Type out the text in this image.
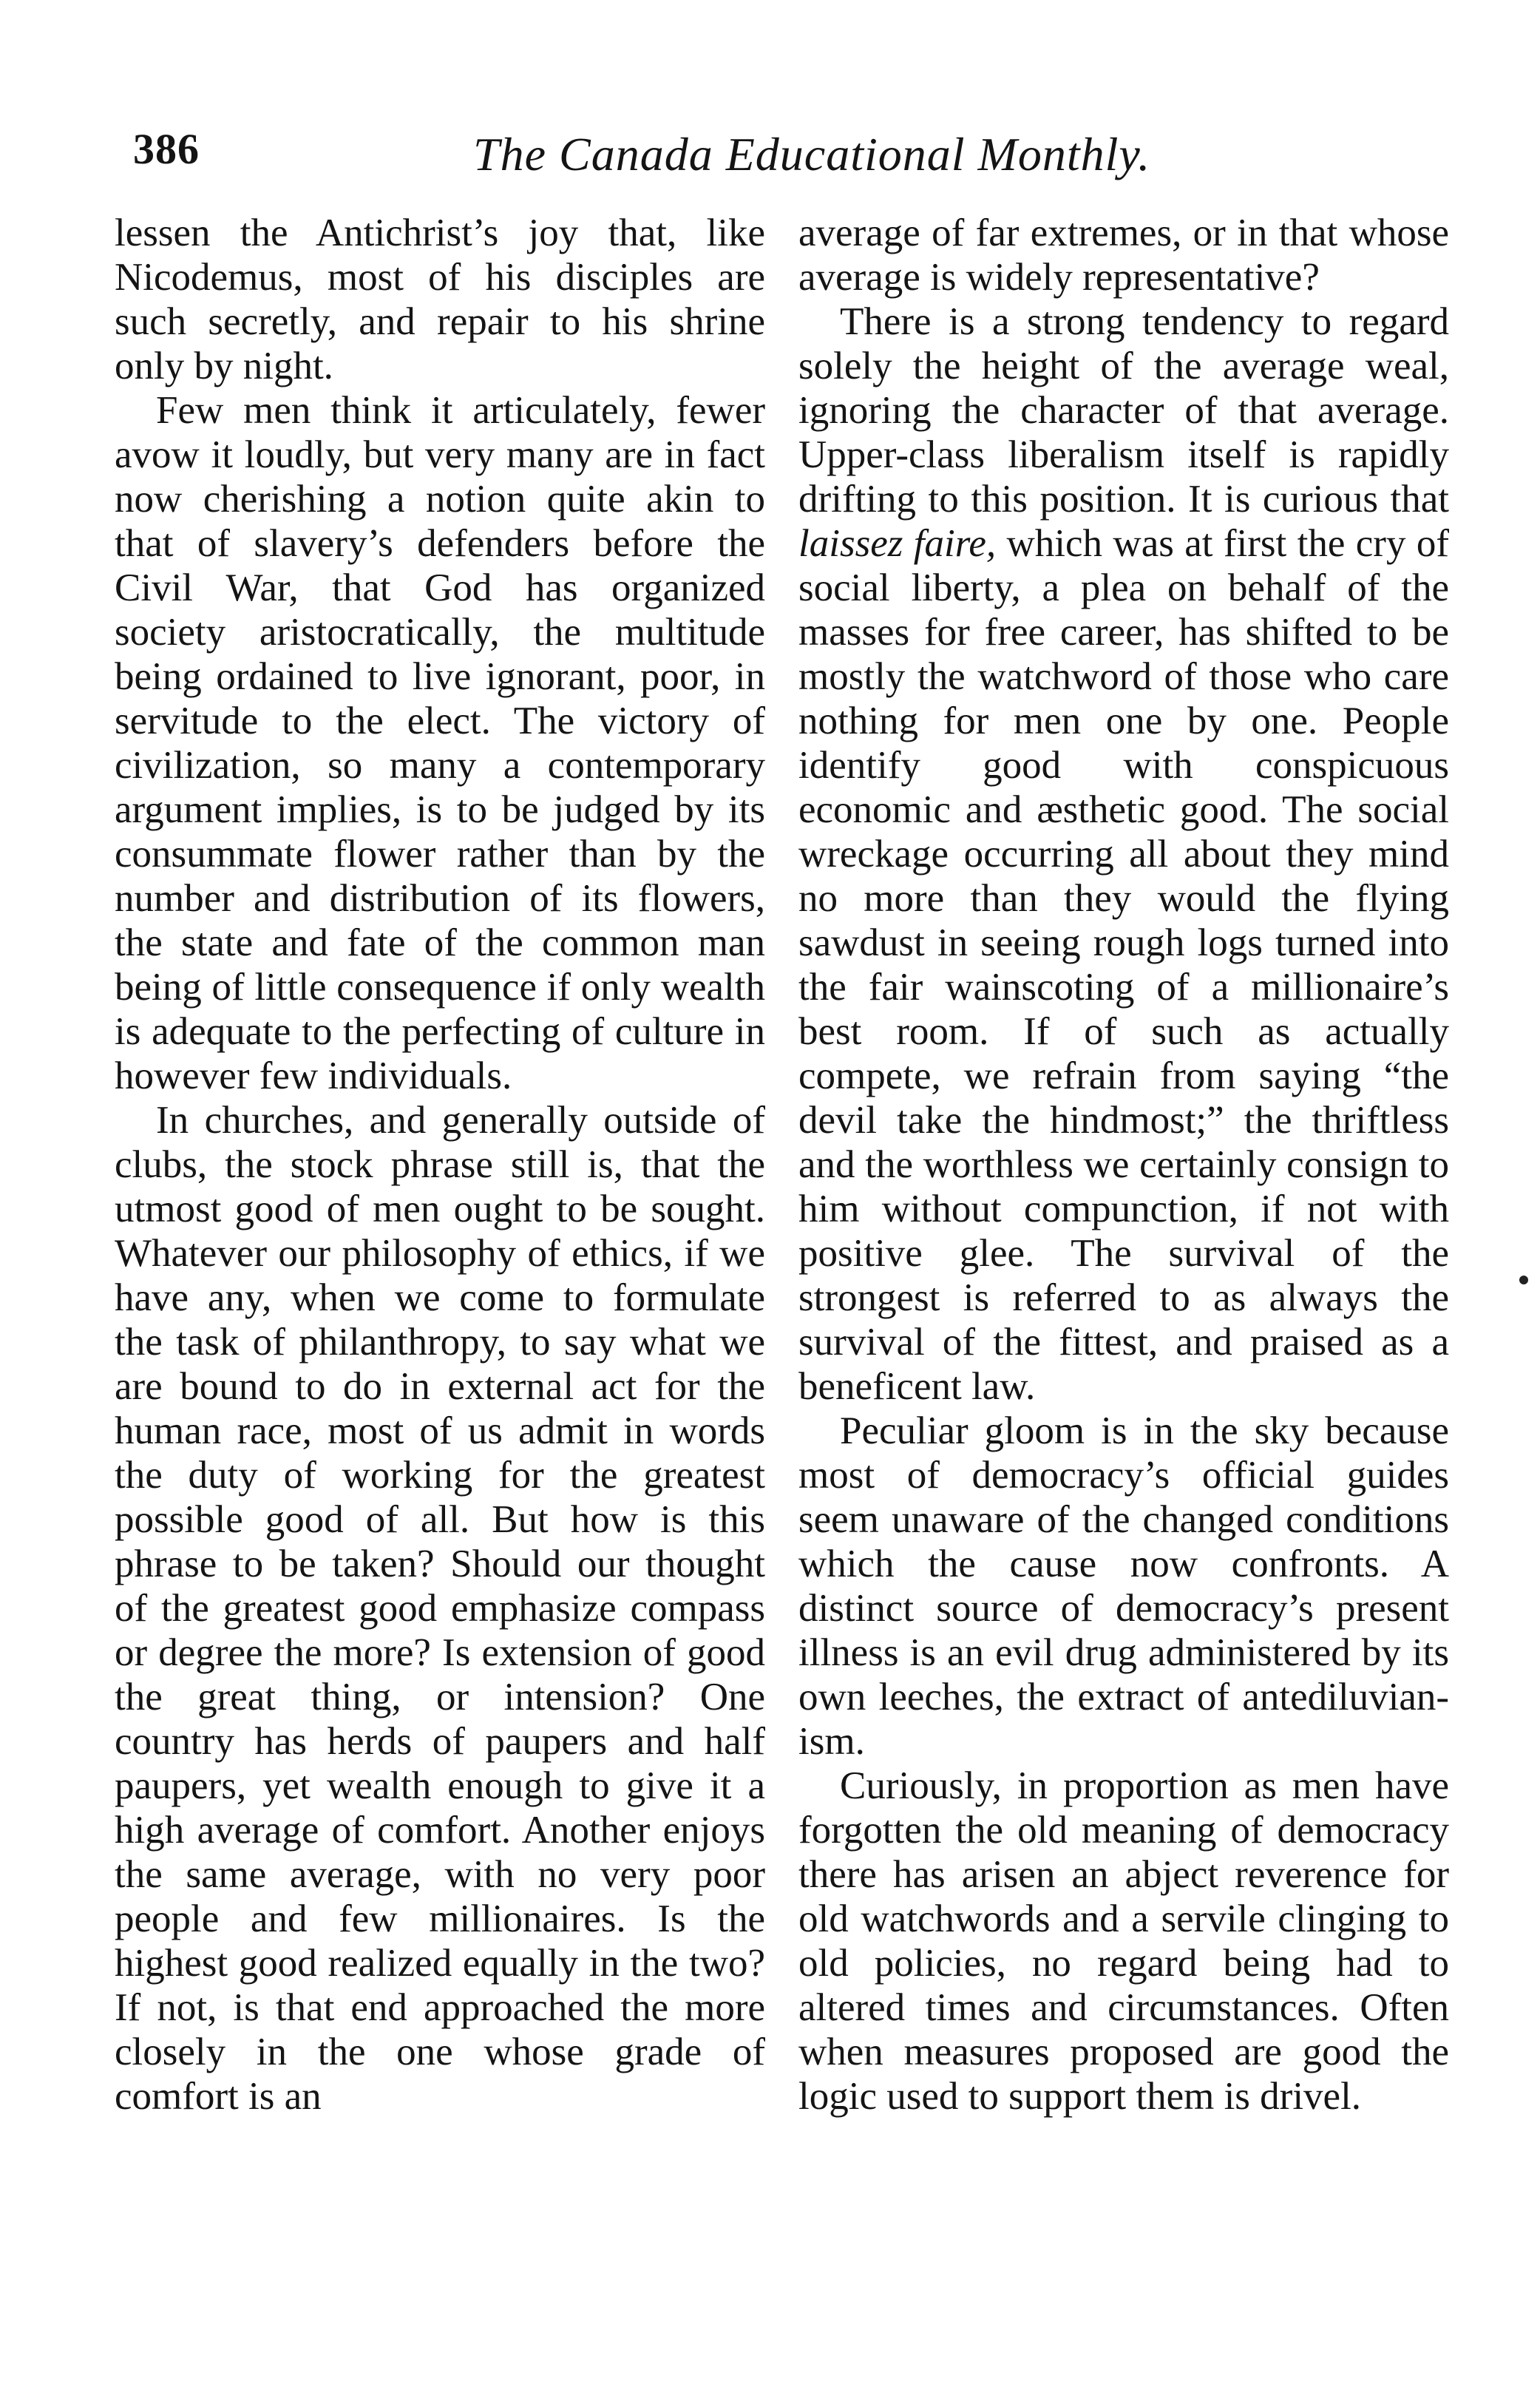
386	The Canada Educational Monthly.

lessen the Antichrist’s joy that, like Nicodemus, most of his disciples are such secretly, and repair to his shrine only by night.

Few men think it articulately, fewer avow it loudly, but very many are in fact now cherishing a notion quite akin to that of slavery’s defenders before the Civil War, that God has organized society aristocratically, the multitude being ordained to live ignorant, poor, in servitude to the elect. The victory of civilization, so many a contemporary argument implies, is to be judged by its consummate flower rather than by the number and distribution of its flowers, the state and fate of the common man being of little consequence if only wealth is adequate to the perfecting of culture in however few individuals.

In churches, and generally outside of clubs, the stock phrase still is, that the utmost good of men ought to be sought. Whatever our philosophy of ethics, if we have any, when we come to formulate the task of philanthropy, to say what we are bound to do in external act for the human race, most of us admit in words the duty of working for the greatest possible good of all. But how is this phrase to be taken? Should our thought of the greatest good emphasize compass or degree the more? Is extension of good the great thing, or intension? One country has herds of paupers and half paupers, yet wealth enough to give it a high average of comfort. Another enjoys the same average, with no very poor people and few millionaires. Is the highest good realized equally in the two? If not, is that end approached the more closely in the one whose grade of comfort is an

average of far extremes, or in that whose average is widely representative?

There is a strong tendency to regard solely the height of the average weal, ignoring the character of that average. Upper-class liberalism itself is rapidly drifting to this position. It is curious that laissez faire, which was at first the cry of social liberty, a plea on behalf of the masses for free career, has shifted to be mostly the watchword of those who care nothing for men one by one. People identify good with conspicuous economic and æsthetic good. The social wreckage occurring all about they mind no more than they would the flying sawdust in seeing rough logs turned into the fair wainscoting of a millionaire’s best room. If of such as actually compete, we refrain from saying “the devil take the hindmost;” the thriftless and the worthless we certainly consign to him without compunction, if not with positive glee. The survival of the strongest is referred to as always the survival of the fittest, and praised as a beneficent law.

Peculiar gloom is in the sky because most of democracy’s official guides seem unaware of the changed conditions which the cause now confronts. A distinct source of democracy’s present illness is an evil drug administered by its own leeches, the extract of antediluvianism.

Curiously, in proportion as men have forgotten the old meaning of democracy there has arisen an abject reverence for old watchwords and a servile clinging to old policies, no regard being had to altered times and circumstances. Often when measures proposed are good the logic used to support them is drivel.
